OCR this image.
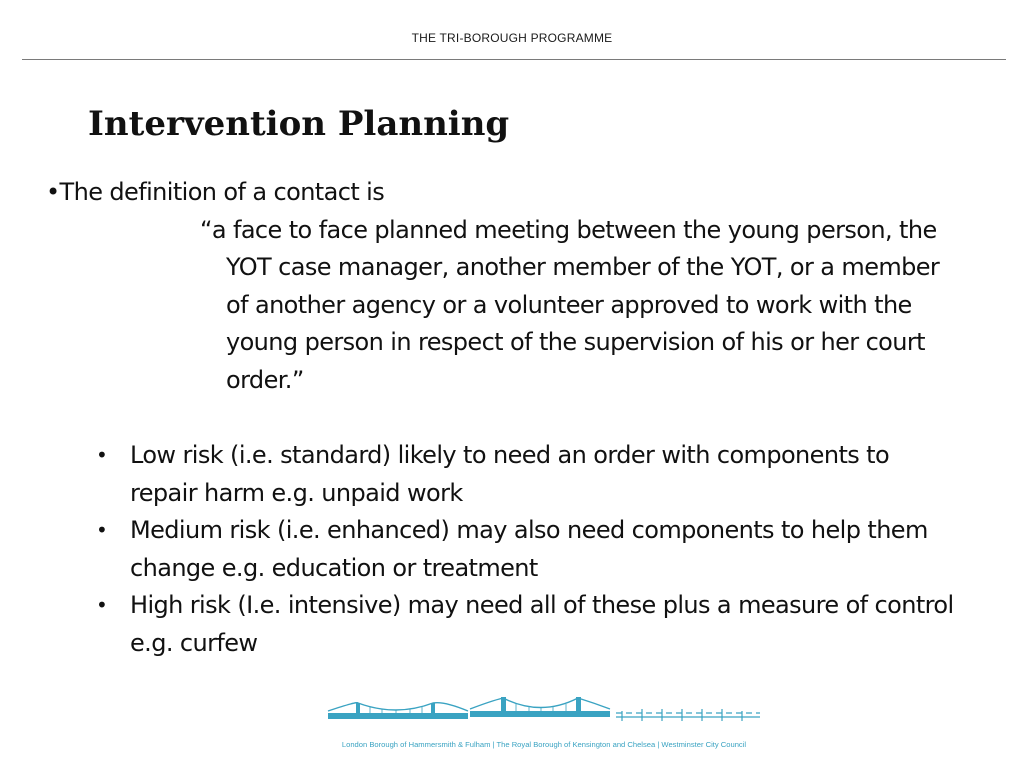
THE TRI-BOROUGH PROGRAMME
Intervention Planning
•The definition of a contact is
“a face to face planned meeting between the young person, the YOT case manager, another member of the YOT, or a member of another agency or a volunteer approved to work with the young person in respect of the supervision of his or her court order.”
• Low risk (i.e. standard) likely to need an order with components to repair harm e.g. unpaid work
• Medium risk (i.e. enhanced) may also need components to help them change e.g. education or treatment
• High risk (I.e. intensive) may need all of these plus a measure of control e.g. curfew
London Borough of Hammersmith & Fulham | The Royal Borough of Kensington and Chelsea | Westminster City Council
